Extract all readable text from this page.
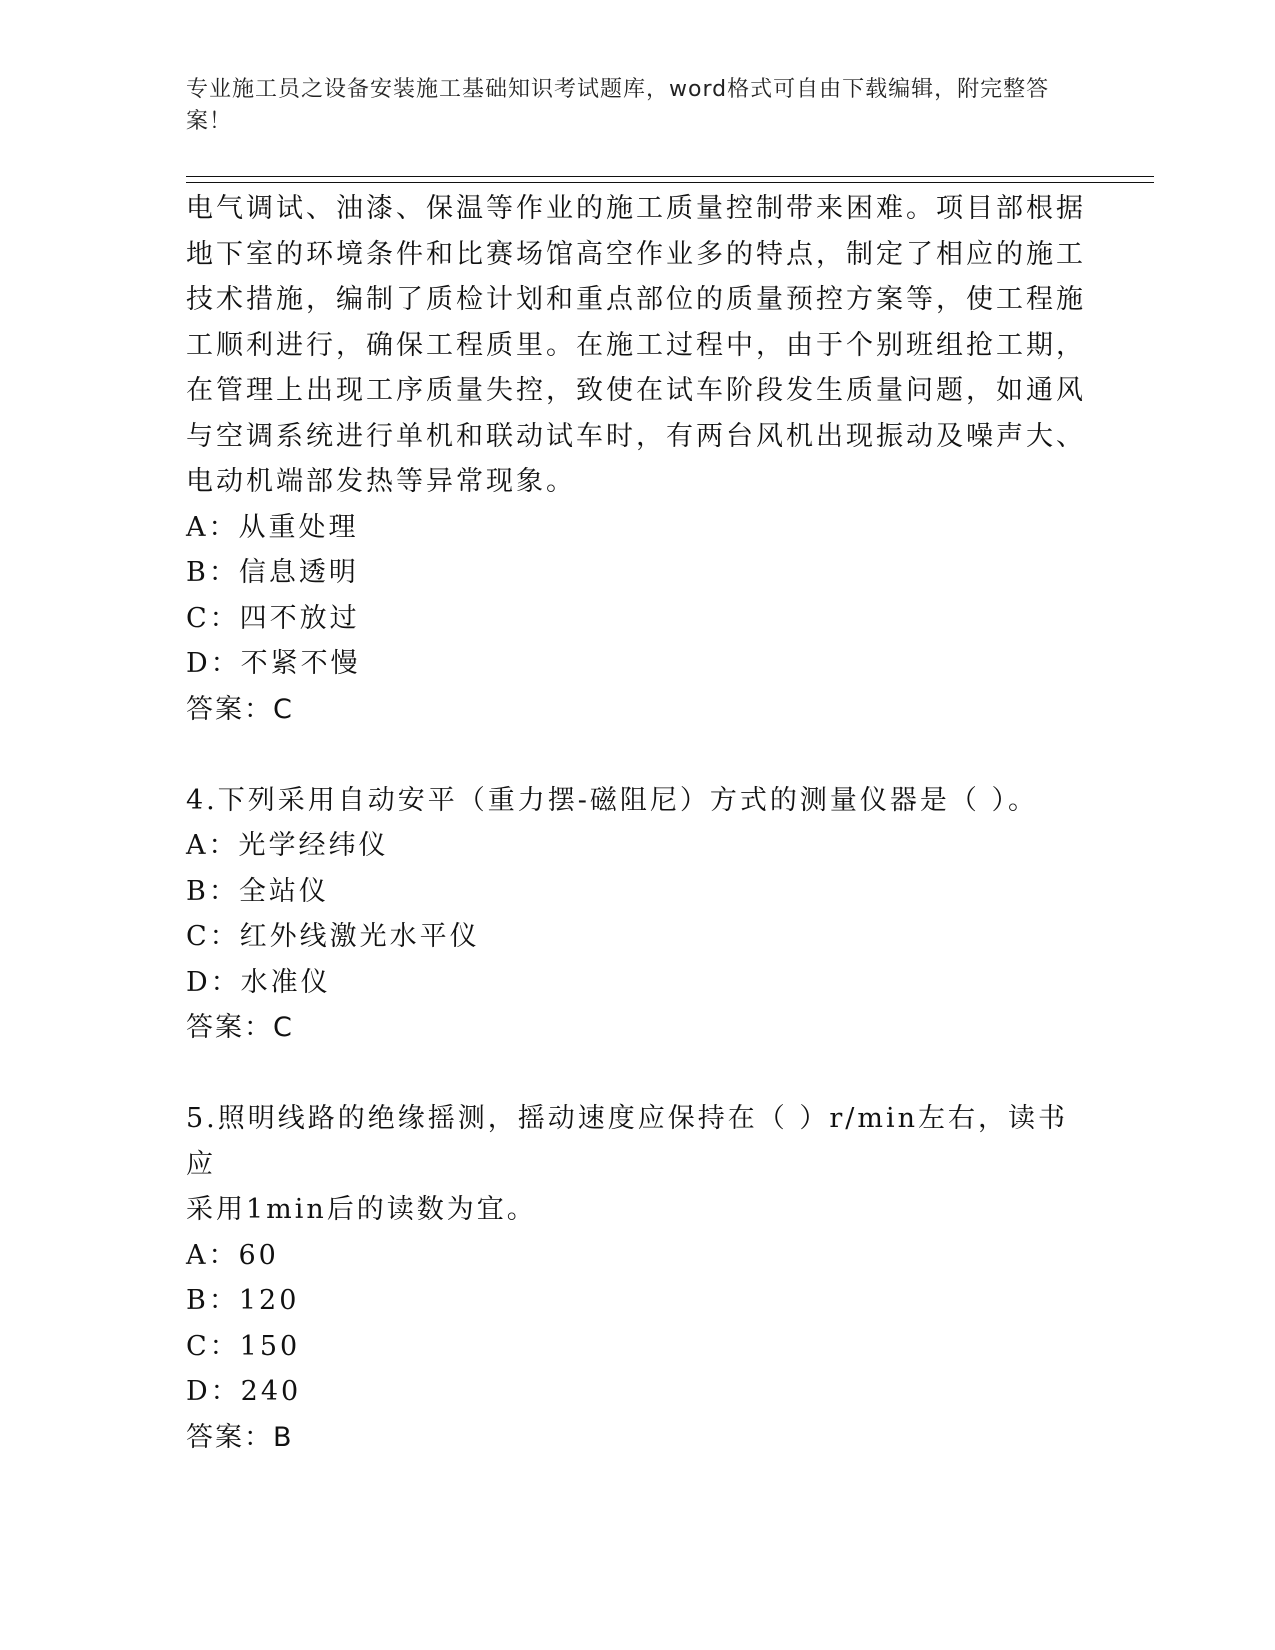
专业施工员之设备安装施工基础知识考试题库，word格式可自由下载编辑，附完整答案！

电气调试、油漆、保温等作业的施工质量控制带来困难。项目部根据

地下室的环境条件和比赛场馆高空作业多的特点，制定了相应的施工

技术措施，编制了质检计划和重点部位的质量预控方案等，使工程施

工顺利进行，确保工程质里。在施工过程中，由于个别班组抢工期，

在管理上出现工序质量失控，致使在试车阶段发生质量问题，如通风

与空调系统进行单机和联动试车时，有两台风机出现振动及噪声大、

电动机端部发热等异常现象。

A：从重处理

B：信息透明

C：四不放过

D：不紧不慢

答案：C

4.下列采用自动安平（重力摆-磁阻尼）方式的测量仪器是（ ）。

A：光学经纬仪

B：全站仪

C：红外线激光水平仪

D：水准仪

答案：C

5.照明线路的绝缘摇测，摇动速度应保持在（ ）r/min左右，读书应

采用1min后的读数为宜。

A：60

B：120

C：150

D：240

答案：B
